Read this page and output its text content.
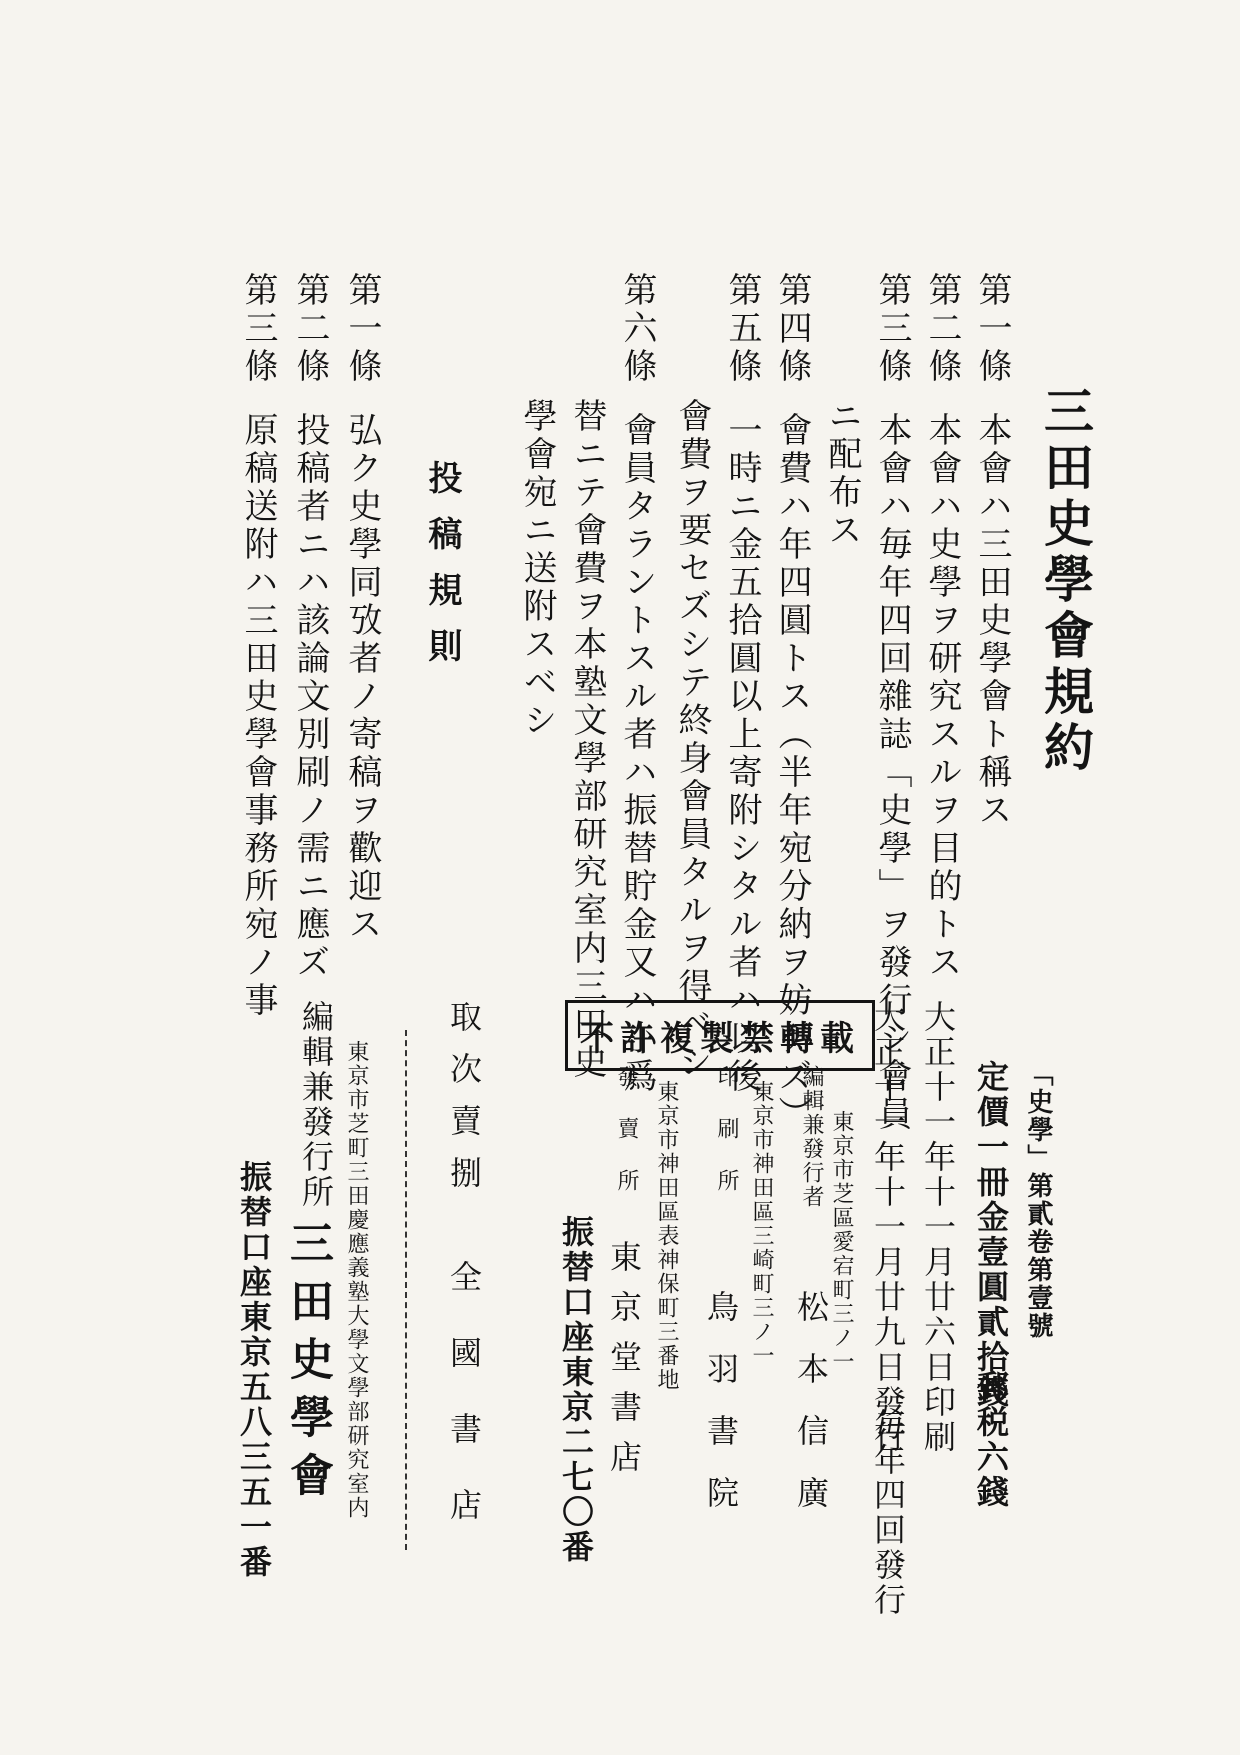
三田史學會規約
第一條本會ハ三田史學會ト稱ス
第二條本會ハ史學ヲ研究スルヲ目的トス
第三條本會ハ毎年四回雜誌「史學」ヲ發行シ會員
ニ配布ス
第四條會費ハ年四圓トス（半年宛分納ヲ妨ゲズ）
第五條一時ニ金五拾圓以上寄附シタル者ハ以後
會費ヲ要セズシテ終身會員タルヲ得ベシ
第六條會員タラントスル者ハ振替貯金又ハ小爲
替ニテ會費ヲ本塾文學部研究室内三田史
學會宛ニ送附スベシ
投稿規則
第一條弘ク史學同攷者ノ寄稿ヲ歡迎ス
第二條投稿者ニハ該論文別刷ノ需ニ應ズ
第三條原稿送附ハ三田史學會事務所宛ノ事
「史學」第貳卷第壹號
定價一冊金壹圓貳拾錢
郵税六錢
大正十一年十一月廿六日印刷
大正十一年十一月廿九日發行
毎年四回發行
不許複製禁轉載
東京市芝區愛宕町三ノ一
編輯兼發行者
松本信廣
東京市神田區三崎町三ノ一
印刷所
鳥羽書院
東京市神田區表神保町三番地
發賣所
東京堂書店
振替口座東京二七〇番
取次賣捌
全國書店
東京市芝町三田慶應義塾大學文學部研究室内
編輯兼發行所
三田史學會
振替口座東京五八三五一番
